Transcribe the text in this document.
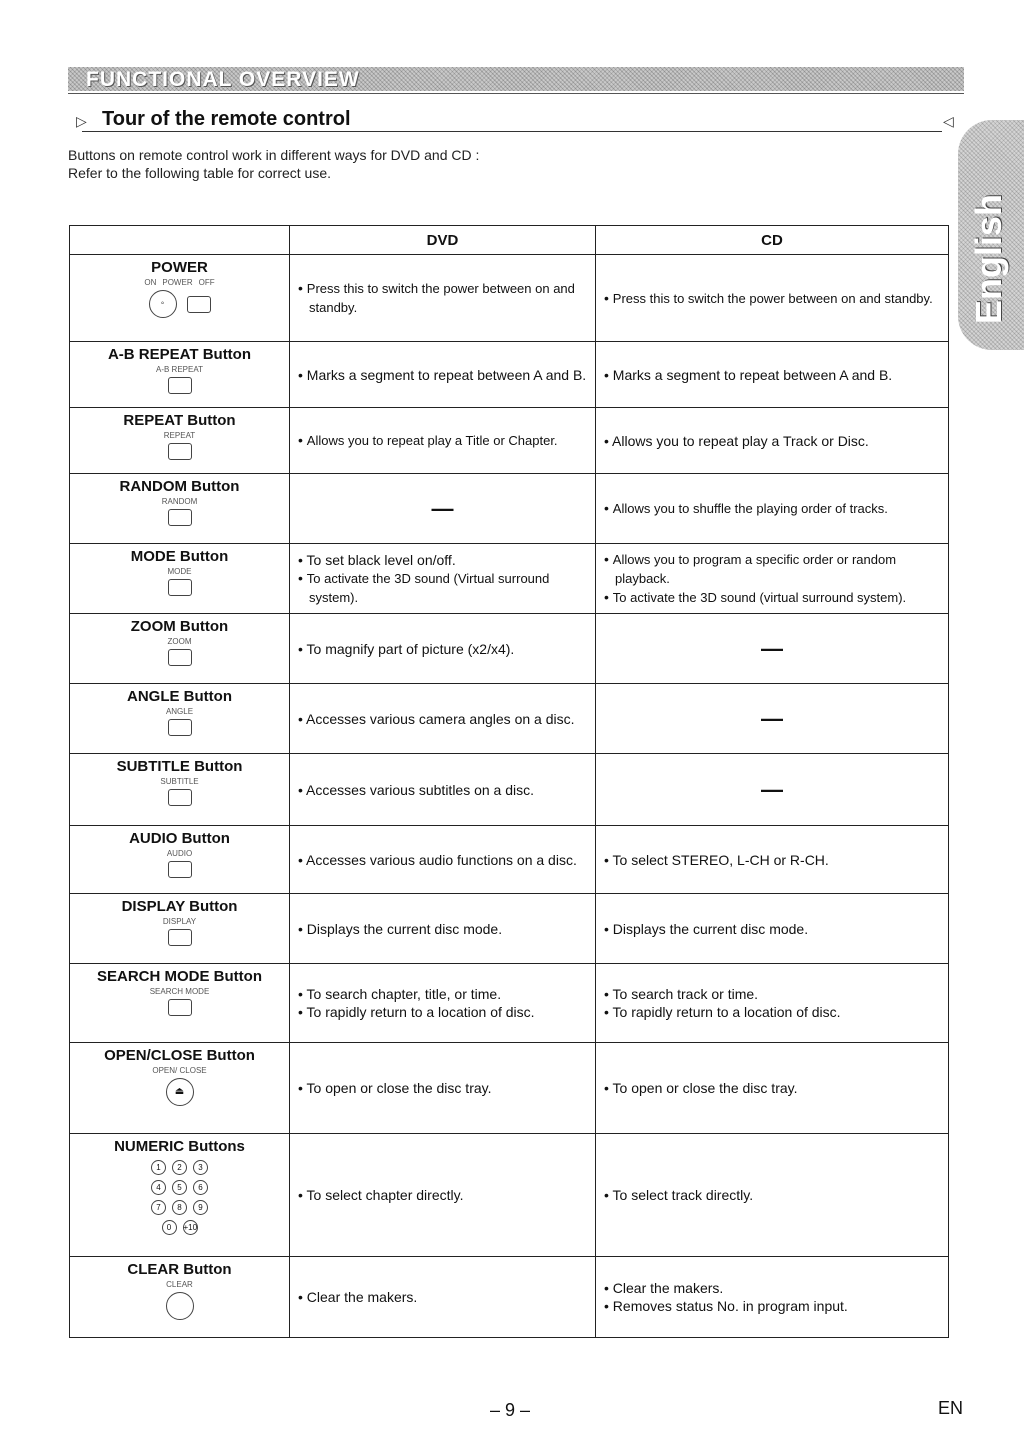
FUNCTIONAL OVERVIEW
▷ Tour of the remote control	◁
Buttons on remote control work in different ways for DVD and CD :
Refer to the following table for correct use.
English
	DVD	CD

POWER
ON POWER OFF
◦	• Press this to switch the power between on and standby.	• Press this to switch the power between on and standby.

A-B REPEAT Button
A-B REPEAT	• Marks a segment to repeat between A and B.	• Marks a segment to repeat between A and B.

REPEAT Button
REPEAT	• Allows you to repeat play a Title or Chapter.	• Allows you to repeat play a Track or Disc.

RANDOM Button
RANDOM	—	• Allows you to shuffle the playing order of tracks.

MODE Button
MODE	• To set black level on/off.
• To activate the 3D sound (Virtual surround system).	• Allows you to program a specific order or random playback.
• To activate the 3D sound (virtual surround system).

ZOOM Button
ZOOM	• To magnify part of picture (x2/x4).	—

ANGLE Button
ANGLE	• Accesses various camera angles on a disc.	—

SUBTITLE Button
SUBTITLE	• Accesses various subtitles on a disc.	—

AUDIO Button
AUDIO	• Accesses various audio functions on a disc.	• To select STEREO, L-CH or R-CH.

DISPLAY Button
DISPLAY	• Displays the current disc mode.	• Displays the current disc mode.

SEARCH MODE Button
SEARCH MODE	• To search chapter, title, or time.
• To rapidly return to a location of disc.	• To search track or time.
• To rapidly return to a location of disc.

OPEN/CLOSE Button
OPEN/ CLOSE
⏏	• To open or close the disc tray.	• To open or close the disc tray.

NUMERIC Buttons
1 2 3
4 5 6
7 8 9
0 +10	• To select chapter directly.	• To select track directly.

CLEAR Button
CLEAR	• Clear the makers.	• Clear the makers.
• Removes status No. in program input.
– 9 –	EN
